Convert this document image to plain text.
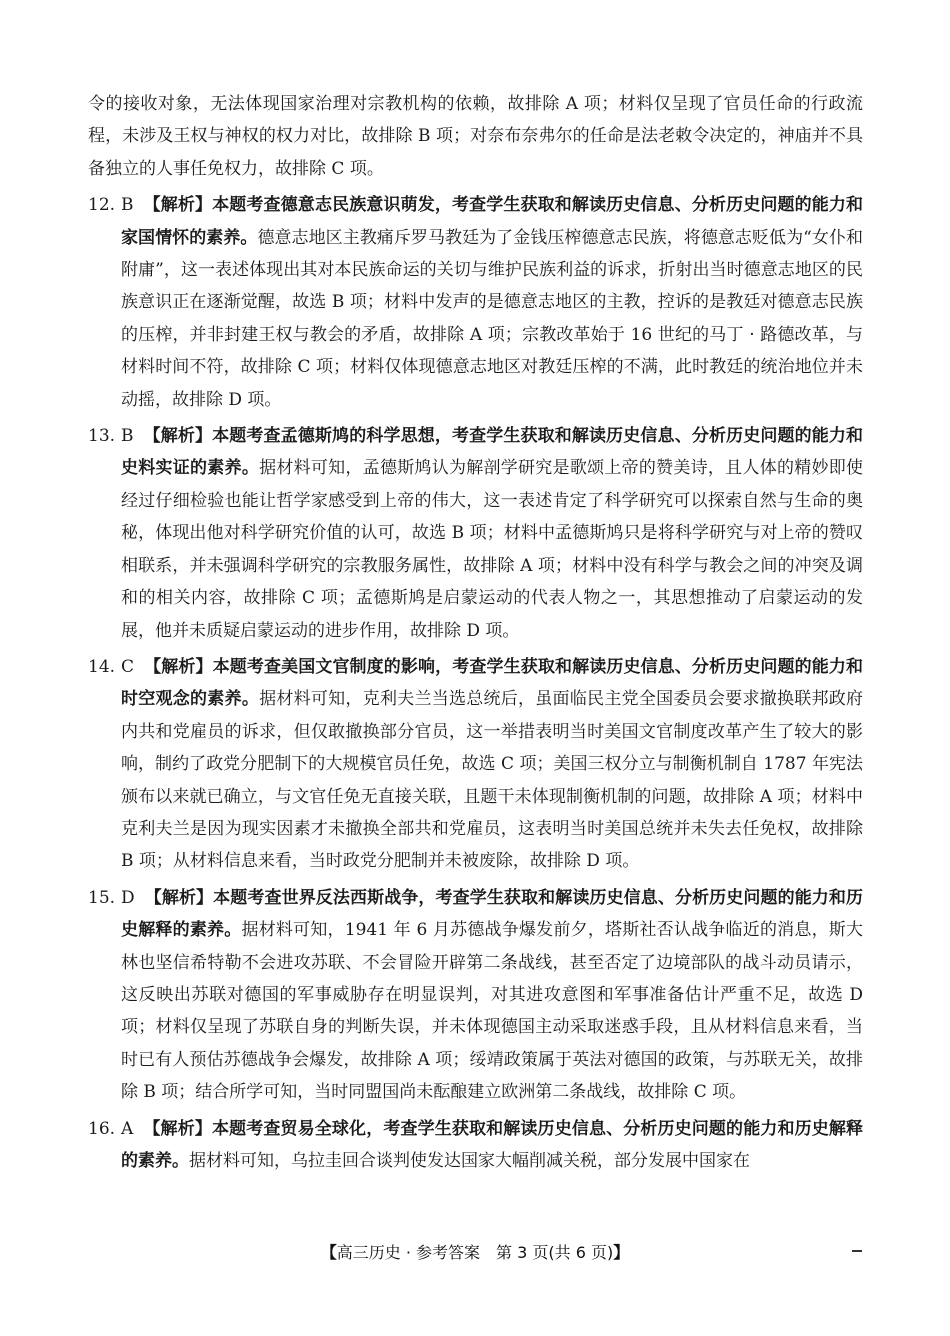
令的接收对象，无法体现国家治理对宗教机构的依赖，故排除 A 项；材料仅呈现了官员任命的行政流程，未涉及王权与神权的权力对比，故排除 B 项；对奈布奈弗尔的任命是法老敕令决定的，神庙并不具备独立的人事任免权力，故排除 C 项。

12. B 【解析】本题考查德意志民族意识萌发，考查学生获取和解读历史信息、分析历史问题的能力和家国情怀的素养。德意志地区主教痛斥罗马教廷为了金钱压榨德意志民族，将德意志贬低为“女仆和附庸”，这一表述体现出其对本民族命运的关切与维护民族利益的诉求，折射出当时德意志地区的民族意识正在逐渐觉醒，故选 B 项；材料中发声的是德意志地区的主教，控诉的是教廷对德意志民族的压榨，并非封建王权与教会的矛盾，故排除 A 项；宗教改革始于 16 世纪的马丁 · 路德改革，与材料时间不符，故排除 C 项；材料仅体现德意志地区对教廷压榨的不满，此时教廷的统治地位并未动摇，故排除 D 项。
13. B 【解析】本题考查孟德斯鸠的科学思想，考查学生获取和解读历史信息、分析历史问题的能力和史料实证的素养。据材料可知，孟德斯鸠认为解剖学研究是歌颂上帝的赞美诗，且人体的精妙即使经过仔细检验也能让哲学家感受到上帝的伟大，这一表述肯定了科学研究可以探索自然与生命的奥秘，体现出他对科学研究价值的认可，故选 B 项；材料中孟德斯鸠只是将科学研究与对上帝的赞叹相联系，并未强调科学研究的宗教服务属性，故排除 A 项；材料中没有科学与教会之间的冲突及调和的相关内容，故排除 C 项；孟德斯鸠是启蒙运动的代表人物之一，其思想推动了启蒙运动的发展，他并未质疑启蒙运动的进步作用，故排除 D 项。
14. C 【解析】本题考查美国文官制度的影响，考查学生获取和解读历史信息、分析历史问题的能力和时空观念的素养。据材料可知，克利夫兰当选总统后，虽面临民主党全国委员会要求撤换联邦政府内共和党雇员的诉求，但仅敢撤换部分官员，这一举措表明当时美国文官制度改革产生了较大的影响，制约了政党分肥制下的大规模官员任免，故选 C 项；美国三权分立与制衡机制自 1787 年宪法颁布以来就已确立，与文官任免无直接关联，且题干未体现制衡机制的问题，故排除 A 项；材料中克利夫兰是因为现实因素才未撤换全部共和党雇员，这表明当时美国总统并未失去任免权，故排除 B 项；从材料信息来看，当时政党分肥制并未被废除，故排除 D 项。
15. D 【解析】本题考查世界反法西斯战争，考查学生获取和解读历史信息、分析历史问题的能力和历史解释的素养。据材料可知，1941 年 6 月苏德战争爆发前夕，塔斯社否认战争临近的消息，斯大林也坚信希特勒不会进攻苏联、不会冒险开辟第二条战线，甚至否定了边境部队的战斗动员请示，这反映出苏联对德国的军事威胁存在明显误判，对其进攻意图和军事准备估计严重不足，故选 D 项；材料仅呈现了苏联自身的判断失误，并未体现德国主动采取迷惑手段，且从材料信息来看，当时已有人预估苏德战争会爆发，故排除 A 项；绥靖政策属于英法对德国的政策，与苏联无关，故排除 B 项；结合所学可知，当时同盟国尚未酝酿建立欧洲第二条战线，故排除 C 项。
16. A 【解析】本题考查贸易全球化，考查学生获取和解读历史信息、分析历史问题的能力和历史解释的素养。据材料可知，乌拉圭回合谈判使发达国家大幅削减关税，部分发展中国家在
【高三历史 · 参考答案　第 3 页(共 6 页)】
